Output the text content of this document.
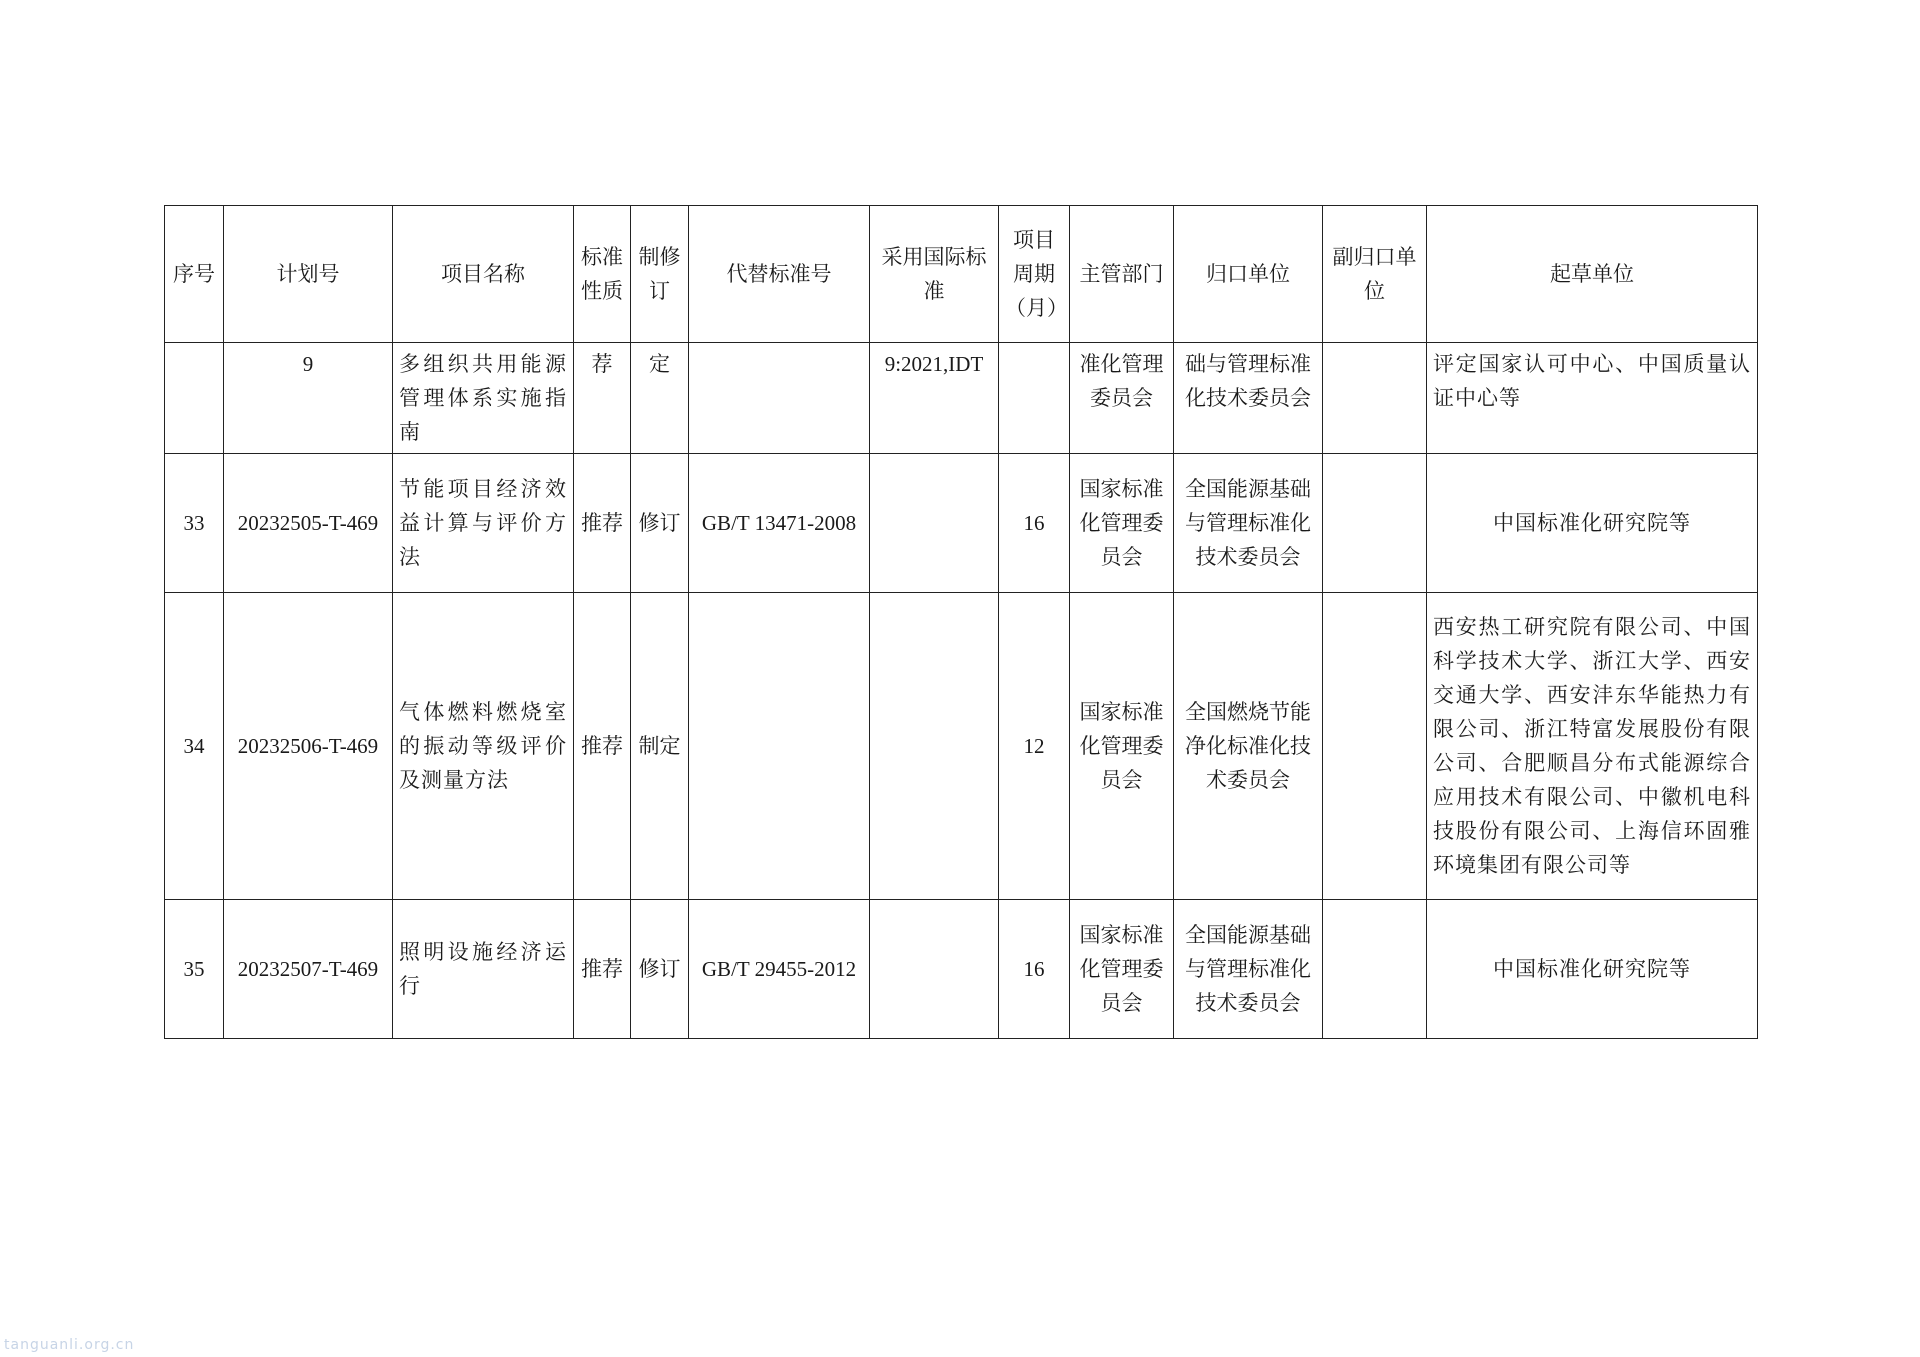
序号	计划号	项目名称	标准性质	制修订	代替标准号	采用国际标准	项目周期（月）	主管部门	归口单位	副归口单位	起草单位
	9	多组织共用能源管理体系实施指南	荐	定		9:2021,IDT		准化管理委员会	础与管理标准化技术委员会		评定国家认可中心、中国质量认证中心等
33	20232505-T-469	节能项目经济效益计算与评价方法	推荐	修订	GB/T 13471-2008		16	国家标准化管理委员会	全国能源基础与管理标准化技术委员会		中国标准化研究院等
34	20232506-T-469	气体燃料燃烧室的振动等级评价及测量方法	推荐	制定			12	国家标准化管理委员会	全国燃烧节能净化标准化技术委员会		西安热工研究院有限公司、中国科学技术大学、浙江大学、西安交通大学、西安沣东华能热力有限公司、浙江特富发展股份有限公司、合肥顺昌分布式能源综合应用技术有限公司、中徽机电科技股份有限公司、上海信环固雅环境集团有限公司等
35	20232507-T-469	照明设施经济运行	推荐	修订	GB/T 29455-2012		16	国家标准化管理委员会	全国能源基础与管理标准化技术委员会		中国标准化研究院等
tanguanli.org.cn
